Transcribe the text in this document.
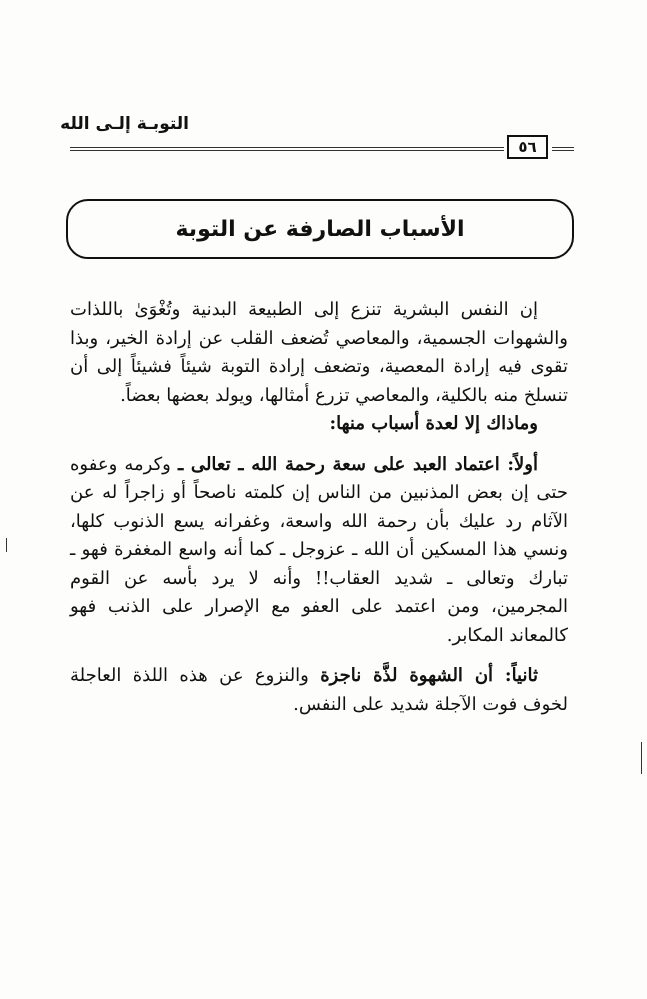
التوبـة إلـى الله
٥٦
الأسباب الصارفة عن التوبة

إن النفس البشرية تنزع إلى الطبيعة البدنية وتُغْوَىٰ باللذات والشهوات الجسمية، والمعاصي تُضعف القلب عن إرادة الخير، وبذا تقوى فيه إرادة المعصية، وتضعف إرادة التوبة شيئاً فشيئاً إلى أن تنسلخ منه بالكلية، والمعاصي تزرع أمثالها، ويولد بعضها بعضاً.

وماذاك إلا لعدة أسباب منها:

أولاً: اعتماد العبد على سعة رحمة الله ـ تعالى ـ وكرمه وعفوه حتى إن بعض المذنبين من الناس إن كلمته ناصحاً أو زاجراً له عن الآثام رد عليك بأن رحمة الله واسعة، وغفرانه يسع الذنوب كلها، ونسي هذا المسكين أن الله ـ عزوجل ـ كما أنه واسع المغفرة فهو ـ تبارك وتعالى ـ شديد العقاب!! وأنه لا يرد بأسه عن القوم المجرمين، ومن اعتمد على العفو مع الإصرار على الذنب فهو كالمعاند المكابر.

ثانياً: أن الشهوة لذَّة ناجزة والنزوع عن هذه اللذة العاجلة لخوف فوت الآجلة شديد على النفس.
